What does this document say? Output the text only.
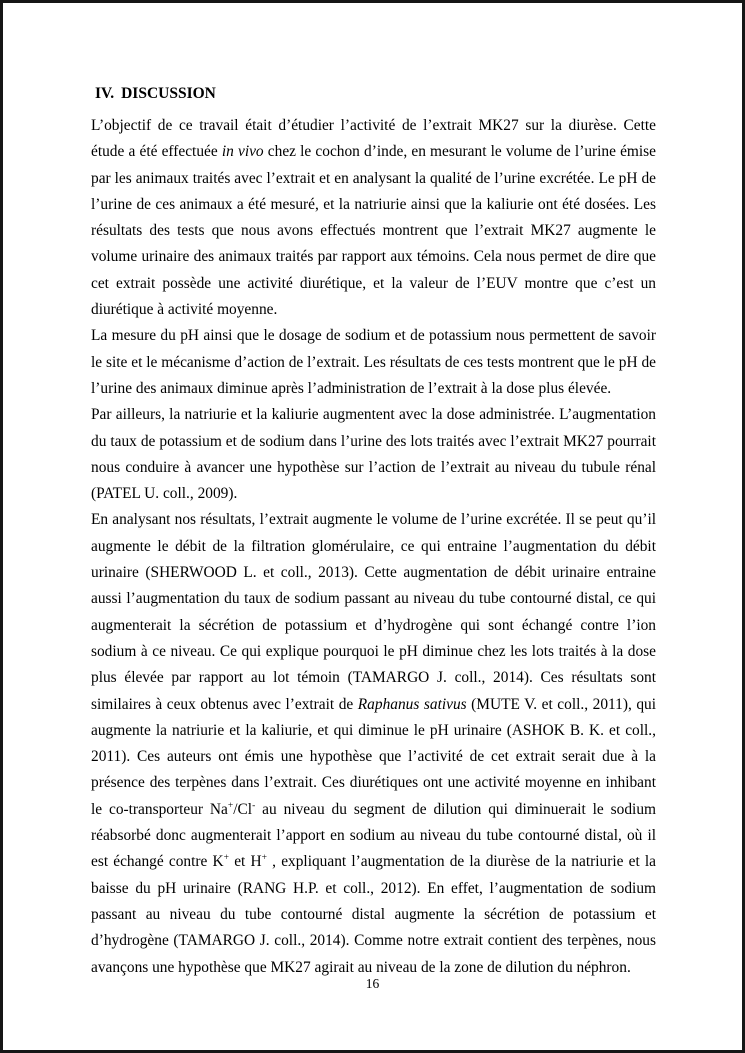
IV. DISCUSSION

L’objectif de ce travail était d’étudier l’activité de l’extrait MK27 sur la diurèse. Cette étude a été effectuée in vivo chez le cochon d’inde, en mesurant le volume de l’urine émise par les animaux traités avec l’extrait et en analysant la qualité de l’urine excrétée. Le pH de l’urine de ces animaux a été mesuré, et la natriurie ainsi que la kaliurie ont été dosées. Les résultats des tests que nous avons effectués montrent que l’extrait MK27 augmente le volume urinaire des animaux traités par rapport aux témoins. Cela nous permet de dire que cet extrait possède une activité diurétique, et la valeur de l’EUV montre que c’est un diurétique à activité moyenne.

La mesure du pH ainsi que le dosage de sodium et de potassium nous permettent de savoir le site et le mécanisme d’action de l’extrait. Les résultats de ces tests montrent que le pH de l’urine des animaux diminue après l’administration de l’extrait à la dose plus élevée.

Par ailleurs, la natriurie et la kaliurie augmentent avec la dose administrée. L’augmentation du taux de potassium et de sodium dans l’urine des lots traités avec l’extrait MK27 pourrait nous conduire à avancer une hypothèse sur l’action de l’extrait au niveau du tubule rénal (PATEL U. coll., 2009).

En analysant nos résultats, l’extrait augmente le volume de l’urine excrétée. Il se peut qu’il augmente le débit de la filtration glomérulaire, ce qui entraine l’augmentation du débit urinaire (SHERWOOD L. et coll., 2013). Cette augmentation de débit urinaire entraine aussi l’augmentation du taux de sodium passant au niveau du tube contourné distal, ce qui augmenterait la sécrétion de potassium et d’hydrogène qui sont échangé contre l’ion sodium à ce niveau. Ce qui explique pourquoi le pH diminue chez les lots traités à la dose plus élevée par rapport au lot témoin (TAMARGO J. coll., 2014). Ces résultats sont similaires à ceux obtenus avec l’extrait de Raphanus sativus (MUTE V. et coll., 2011), qui augmente la natriurie et la kaliurie, et qui diminue le pH urinaire (ASHOK B. K. et coll., 2011). Ces auteurs ont émis une hypothèse que l’activité de cet extrait serait due à la présence des terpènes dans l’extrait. Ces diurétiques ont une activité moyenne en inhibant le co-transporteur Na+/Cl- au niveau du segment de dilution qui diminuerait le sodium réabsorbé donc augmenterait l’apport en sodium au niveau du tube contourné distal, où il est échangé contre K+ et H+ , expliquant l’augmentation de la diurèse de la natriurie et la baisse du pH urinaire (RANG H.P. et coll., 2012). En effet, l’augmentation de sodium passant au niveau du tube contourné distal augmente la sécrétion de potassium et d’hydrogène (TAMARGO J. coll., 2014). Comme notre extrait contient des terpènes, nous avançons une hypothèse que MK27 agirait au niveau de la zone de dilution du néphron.

16
